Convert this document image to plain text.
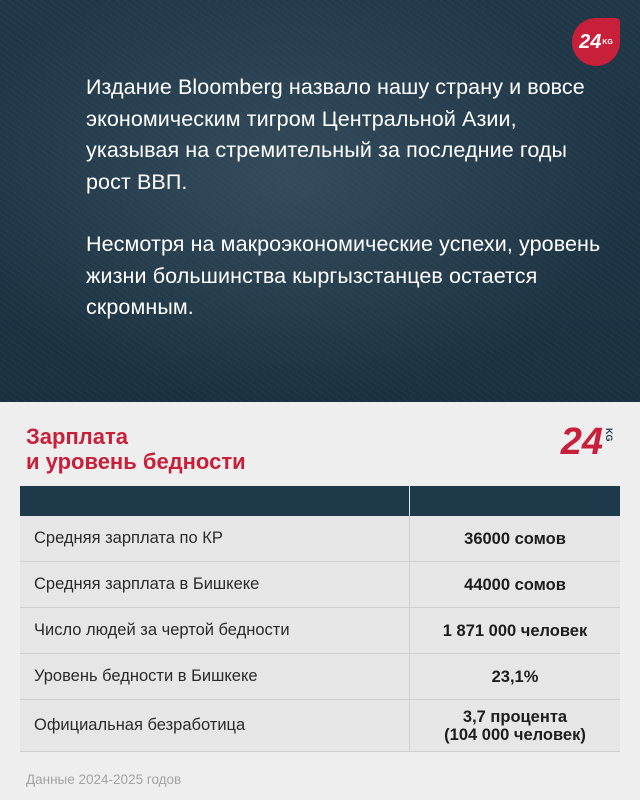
24 KG

Издание Bloomberg назвало нашу страну и вовсе экономическим тигром Центральной Азии, указывая на стремительный за последние годы рост ВВП.

Несмотря на макроэкономические успехи, уровень жизни большинства кыргызстанцев остается скромным.

Зарплата
и уровень бедности	24 KG
Средняя зарплата по КР	36000 сомов
Средняя зарплата в Бишкеке	44000 сомов
Число людей за чертой бедности	1 871 000 человек
Уровень бедности в Бишкеке	23,1%
Официальная безработица	3,7 процента
(104 000 человек)
Данные 2024-2025 годов
